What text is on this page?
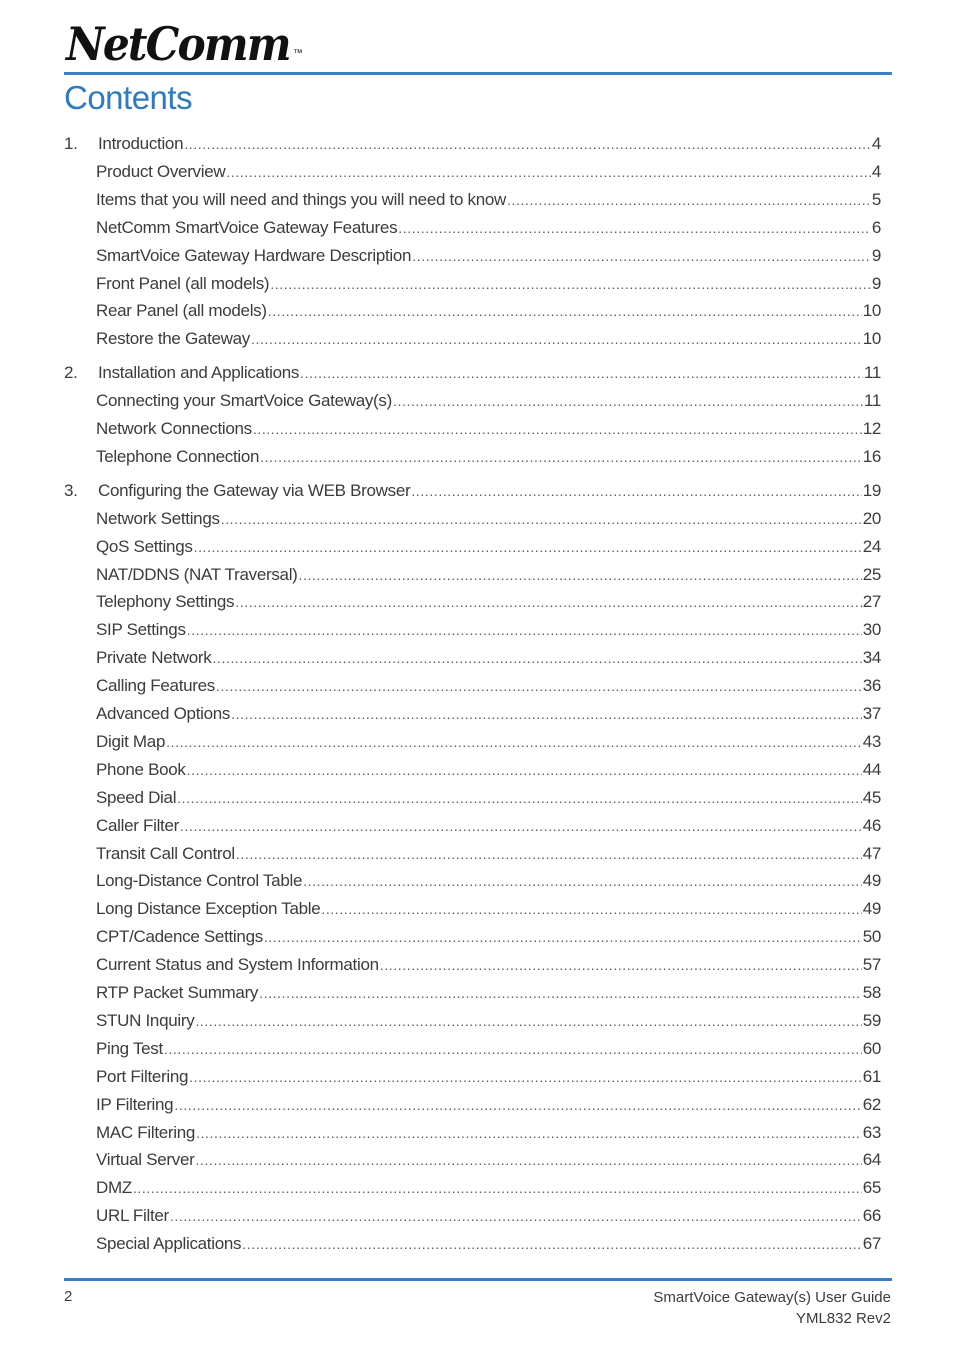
NetComm ™
Contents
1.	Introduction .....	4
Product Overview .....	4
Items that you will need and things you will need to know .....	5
NetComm SmartVoice Gateway Features .....	6
SmartVoice Gateway Hardware Description .....	9
Front Panel (all models) .....	9
Rear Panel (all models) .....	10
Restore the Gateway .....	10
2.	Installation and Applications .....	11
Connecting your SmartVoice Gateway(s) .....	11
Network Connections .....	12
Telephone Connection .....	16
3.	Configuring the Gateway via WEB Browser .....	19
Network Settings .....	20
QoS Settings .....	24
NAT/DDNS (NAT Traversal) .....	25
Telephony Settings .....	27
SIP Settings .....	30
Private Network .....	34
Calling Features .....	36
Advanced Options .....	37
Digit Map .....	43
Phone Book .....	44
Speed Dial .....	45
Caller Filter .....	46
Transit Call Control .....	47
Long-Distance Control Table .....	49
Long Distance Exception Table .....	49
CPT/Cadence Settings .....	50
Current Status and System Information .....	57
RTP Packet Summary .....	58
STUN Inquiry .....	59
Ping Test .....	60
Port Filtering .....	61
IP Filtering .....	62
MAC Filtering .....	63
Virtual Server .....	64
DMZ .....	65
URL Filter .....	66
Special Applications .....	67
2	SmartVoice Gateway(s) User Guide
YML832 Rev2
